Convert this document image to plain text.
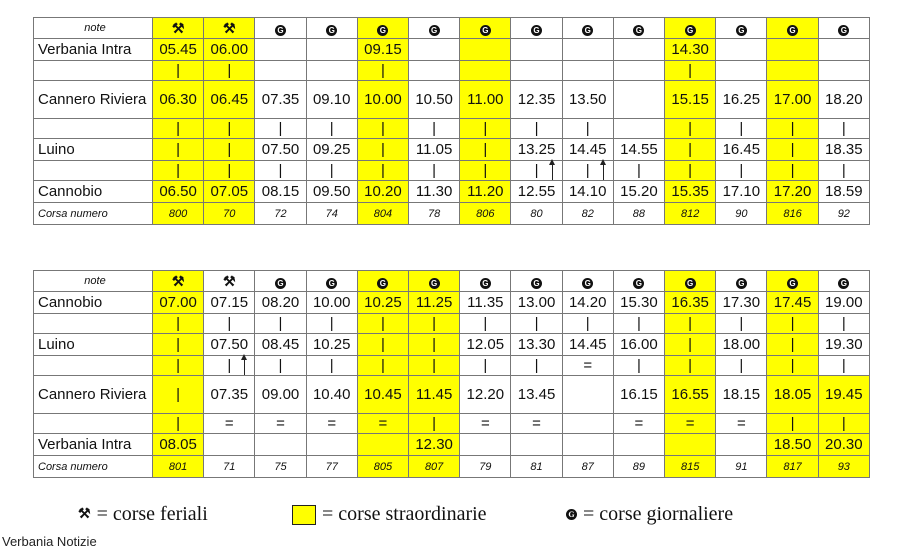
note	⚒	⚒	G	G	G	G	G	G	G	G	G	G	G	G
Verbania Intra	05.45	06.00			09.15						14.30			
	|	|			|						|			
Cannero Riviera	06.30	06.45	07.35	09.10	10.00	10.50	11.00	12.35	13.50		15.15	16.25	17.00	18.20
	|	|	|	|	|	|	|	|	|		|	|	|	|
Luino	|	|	07.50	09.25	|	11.05	|	13.25	14.45	14.55	|	16.45	|	18.35
	|	|	|	|	|	|	|	|	|	|	|	|	|	|
Cannobio	06.50	07.05	08.15	09.50	10.20	11.30	11.20	12.55	14.10	15.20	15.35	17.10	17.20	18.59
Corsa numero	800	70	72	74	804	78	806	80	82	88	812	90	816	92
note	⚒	⚒	G	G	G	G	G	G	G	G	G	G	G	G
Cannobio	07.00	07.15	08.20	10.00	10.25	11.25	11.35	13.00	14.20	15.30	16.35	17.30	17.45	19.00
	|	|	|	|	|	|	|	|	|	|	|	|	|	|
Luino	|	07.50	08.45	10.25	|	|	12.05	13.30	14.45	16.00	|	18.00	|	19.30
	|	|	|	|	|	|	|	|	=	|	|	|	|	|
Cannero Riviera	|	07.35	09.00	10.40	10.45	11.45	12.20	13.45		16.15	16.55	18.15	18.05	19.45
	|	=	=	=	=	|	=	=		=	=	=	|	|
Verbania Intra	08.05					12.30							18.50	20.30
Corsa numero	801	71	75	77	805	807	79	81	87	89	815	91	817	93
⚒ = corse feriali	= corse straordinarie	G = corse giornaliere
Verbania Notizie
